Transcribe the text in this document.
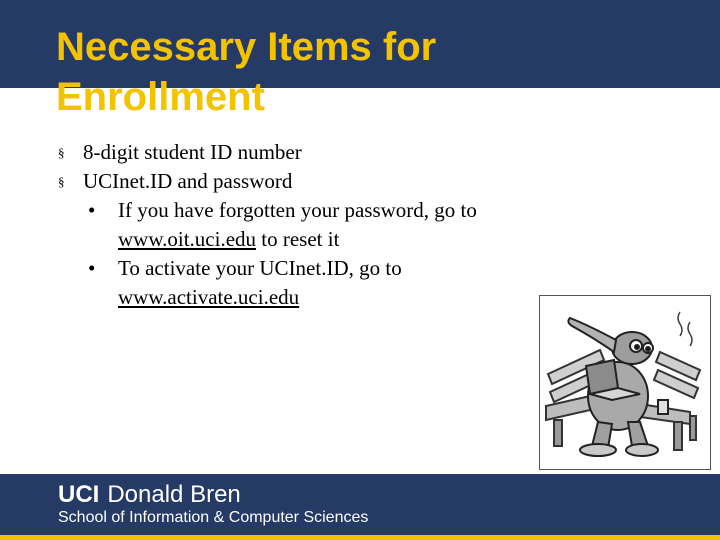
Necessary Items for
Enrollment
§ 8-digit student ID number
§ UCInet.ID and password
• If you have forgotten your password, go to www.oit.uci.edu to reset it
• To activate your UCInet.ID, go to www.activate.uci.edu
UCI Donald Bren
School of Information & Computer Sciences
